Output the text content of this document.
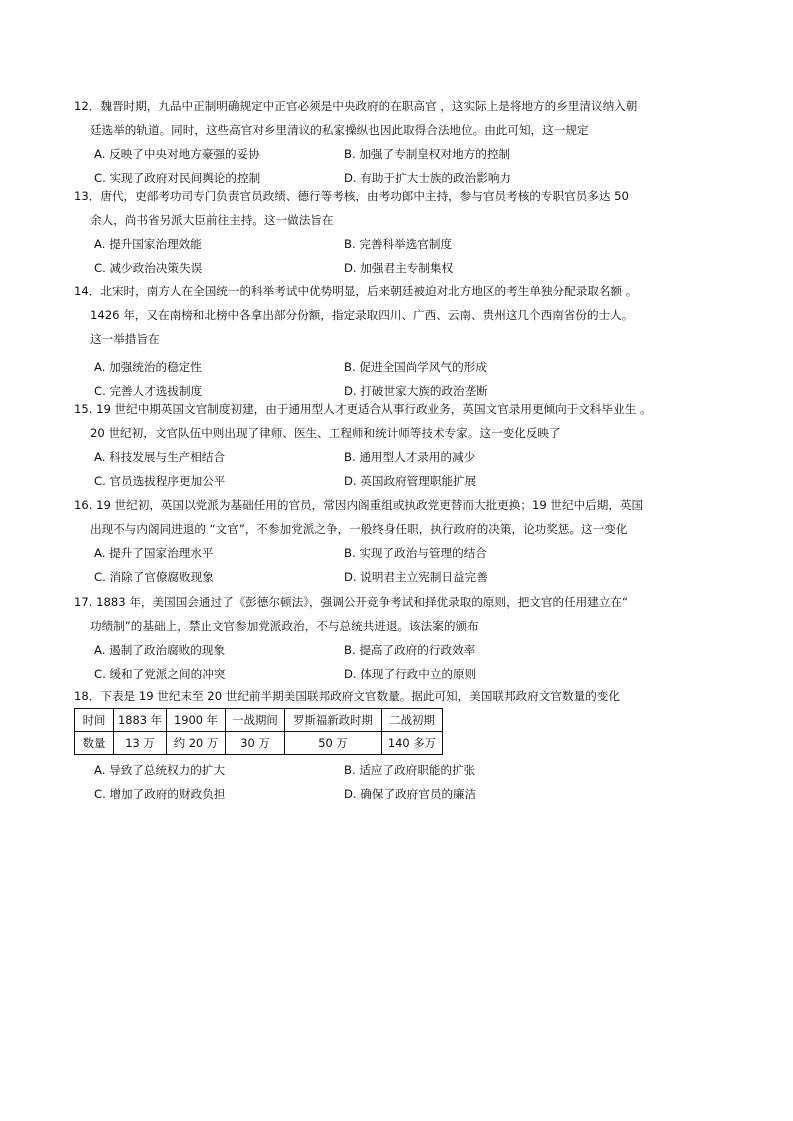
12．魏晋时期，九品中正制明确规定中正官必须是中央政府的在职高官 ，这实际上是将地方的乡里清议纳入朝
廷选举的轨道。同时，这些高官对乡里清议的私家操纵也因此取得合法地位。由此可知，这一规定
A. 反映了中央对地方豪强的妥协	B. 加强了专制皇权对地方的控制
C. 实现了政府对民间舆论的控制	D. 有助于扩大士族的政治影响力
13．唐代，吏部考功司专门负责官员政绩、德行等考核，由考功郎中主持，参与官员考核的专职官员多达 50
余人，尚书省另派大臣前往主持。这一做法旨在
A. 提升国家治理效能	B. 完善科举选官制度
C. 减少政治决策失误	D. 加强君主专制集权
14．北宋时，南方人在全国统一的科举考试中优势明显，后来朝廷被迫对北方地区的考生单独分配录取名额 。
1426 年，又在南榜和北榜中各拿出部分份额，指定录取四川、广西、云南、贵州这几个西南省份的士人。
这一举措旨在
A. 加强统治的稳定性	B. 促进全国尚学风气的形成
C. 完善人才选拔制度	D. 打破世家大族的政治垄断
15. 19 世纪中期英国文官制度初建，由于通用型人才更适合从事行政业务，英国文官录用更倾向于文科毕业生 。
20 世纪初，文官队伍中则出现了律师、医生、工程师和统计师等技术专家。这一变化反映了
A. 科技发展与生产相结合	B. 通用型人才录用的减少
C. 官员选拔程序更加公平	D. 英国政府管理职能扩展
16. 19 世纪初，英国以党派为基础任用的官员，常因内阁重组或执政党更替而大批更换；19 世纪中后期，英国
出现不与内阁同进退的 “文官”，不参加党派之争，一般终身任职，执行政府的决策，论功奖惩。这一变化
A. 提升了国家治理水平	B. 实现了政治与管理的结合
C. 消除了官僚腐败现象	D. 说明君主立宪制日益完善
17. 1883 年，美国国会通过了《彭德尔顿法》，强调公开竞争考试和择优录取的原则，把文官的任用建立在“
功绩制”的基础上，禁止文官参加党派政治，不与总统共进退。该法案的颁布
A. 遏制了政治腐败的现象	B. 提高了政府的行政效率
C. 缓和了党派之间的冲突	D. 体现了行政中立的原则
18．下表是 19 世纪末至 20 世纪前半期美国联邦政府文官数量。据此可知，美国联邦政府文官数量的变化
时间	1883 年	1900 年	一战期间	罗斯福新政时期	二战初期
数量	13 万	约 20 万	30 万	50 万	140 多万
A. 导致了总统权力的扩大	B. 适应了政府职能的扩张
C. 增加了政府的财政负担	D. 确保了政府官员的廉洁
